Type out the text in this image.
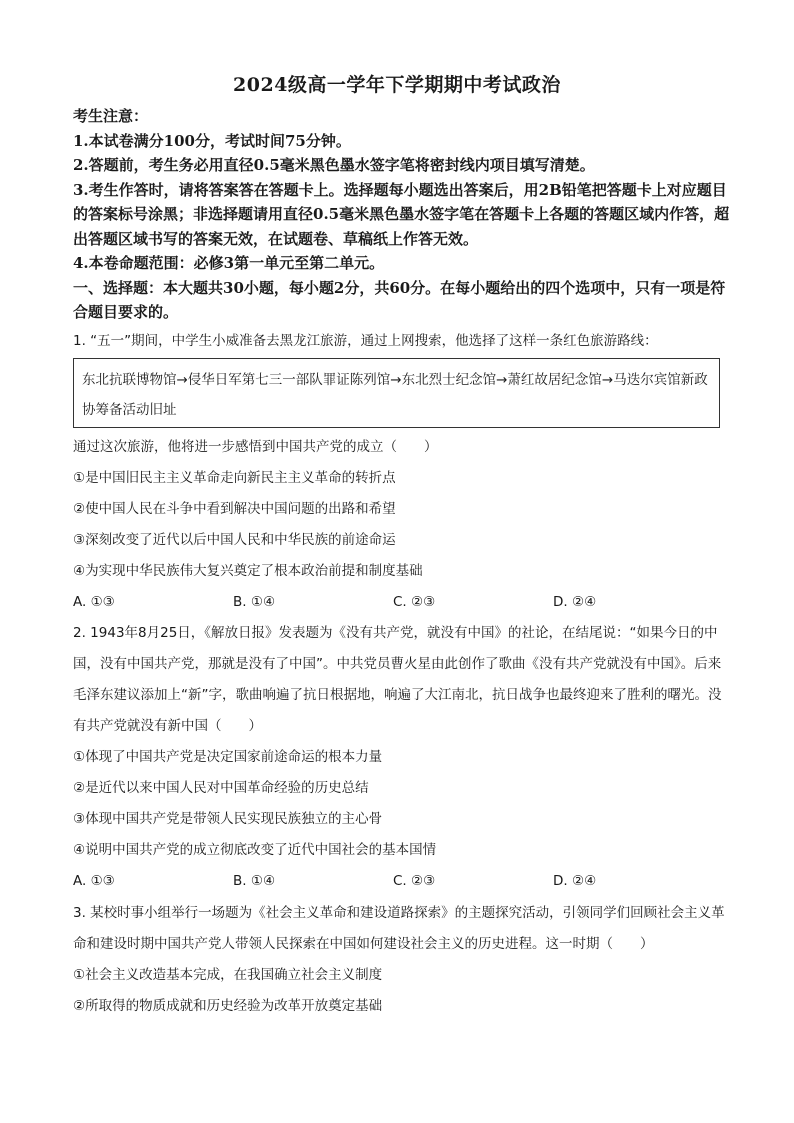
2024级高一学年下学期期中考试政治

考生注意：

1.本试卷满分100分，考试时间75分钟。

2.答题前，考生务必用直径0.5毫米黑色墨水签字笔将密封线内项目填写清楚。

3.考生作答时，请将答案答在答题卡上。选择题每小题选出答案后，用2B铅笔把答题卡上对应题目的答案标号涂黑；非选择题请用直径0.5毫米黑色墨水签字笔在答题卡上各题的答题区域内作答，超出答题区域书写的答案无效，在试题卷、草稿纸上作答无效。

4.本卷命题范围：必修3第一单元至第二单元。

一、选择题：本大题共30小题，每小题2分，共60分。在每小题给出的四个选项中，只有一项是符合题目要求的。

1. “五一”期间，中学生小威准备去黑龙江旅游，通过上网搜索，他选择了这样一条红色旅游路线：
东北抗联博物馆→侵华日军第七三一部队罪证陈列馆→东北烈士纪念馆→萧红故居纪念馆→马迭尔宾馆新政协筹备活动旧址

通过这次旅游，他将进一步感悟到中国共产党的成立（　　）

①是中国旧民主主义革命走向新民主主义革命的转折点

②使中国人民在斗争中看到解决中国问题的出路和希望

③深刻改变了近代以后中国人民和中华民族的前途命运

④为实现中华民族伟大复兴奠定了根本政治前提和制度基础

A. ①③	B. ①④	C. ②③	D. ②④

2. 1943年8月25日，《解放日报》发表题为《没有共产党，就没有中国》的社论，在结尾说：“如果今日的中国，没有中国共产党，那就是没有了中国”。中共党员曹火星由此创作了歌曲《没有共产党就没有中国》。后来毛泽东建议添加上“新”字，歌曲响遍了抗日根据地，响遍了大江南北，抗日战争也最终迎来了胜利的曙光。没有共产党就没有新中国（　　）

①体现了中国共产党是决定国家前途命运的根本力量

②是近代以来中国人民对中国革命经验的历史总结

③体现中国共产党是带领人民实现民族独立的主心骨

④说明中国共产党的成立彻底改变了近代中国社会的基本国情

A. ①③	B. ①④	C. ②③	D. ②④

3. 某校时事小组举行一场题为《社会主义革命和建设道路探索》的主题探究活动，引领同学们回顾社会主义革命和建设时期中国共产党人带领人民探索在中国如何建设社会主义的历史进程。这一时期（　　）

①社会主义改造基本完成，在我国确立社会主义制度

②所取得的物质成就和历史经验为改革开放奠定基础
